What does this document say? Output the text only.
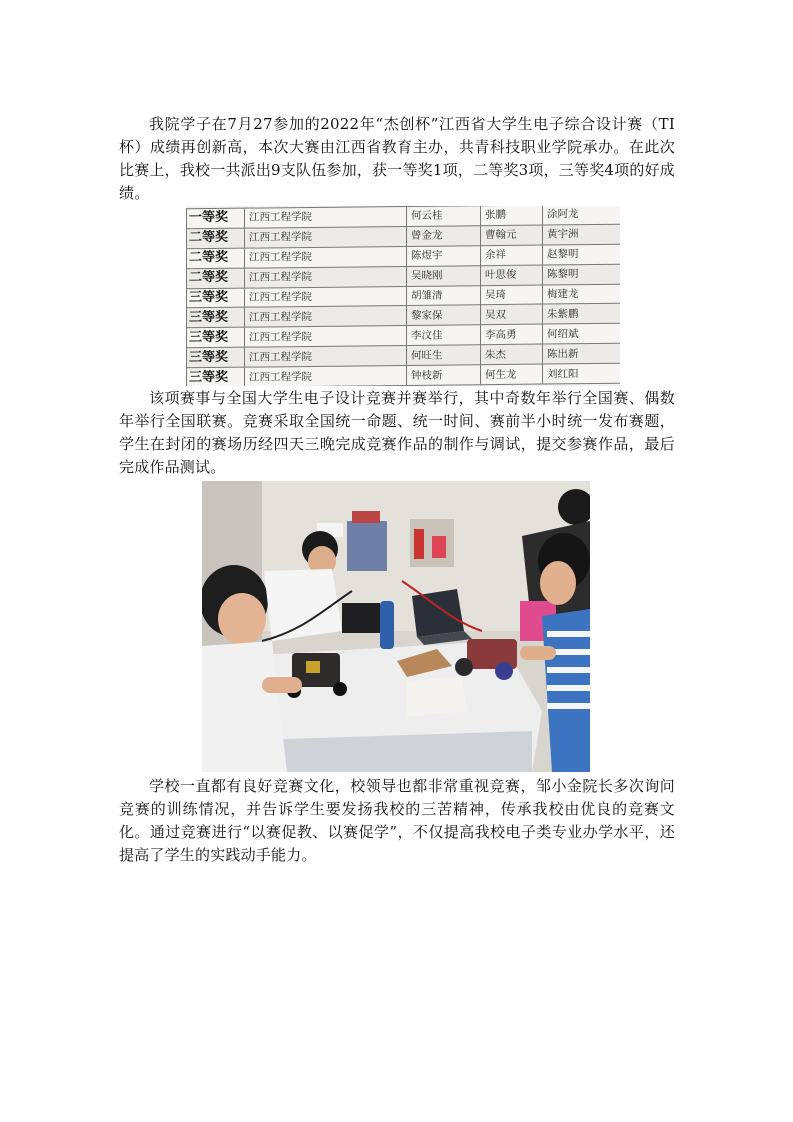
我院学子在7月27参加的2022年“杰创杯”江西省大学生电子综合设计赛（TI杯）成绩再创新高，本次大赛由江西省教育主办，共青科技职业学院承办。在此次比赛上，我校一共派出9支队伍参加，获一等奖1项，二等奖3项，三等奖4项的好成绩。

一等奖	江西工程学院	何云桂	张鹏	涂阿龙
二等奖	江西工程学院	曾金龙	曹翰元	黄宇洲
二等奖	江西工程学院	陈煜宇	余祥	赵黎明
二等奖	江西工程学院	吴晓刚	叶思俊	陈黎明
三等奖	江西工程学院	胡雏清	吴琦	梅建龙
三等奖	江西工程学院	黎家保	吴双	朱紫鹏
三等奖	江西工程学院	李汶佳	李高勇	何绍斌
三等奖	江西工程学院	何旺生	朱杰	陈出新
三等奖	江西工程学院	钟枝新	何生龙	刘红阳

该项赛事与全国大学生电子设计竞赛并赛举行，其中奇数年举行全国赛、偶数年举行全国联赛。竞赛采取全国统一命题、统一时间、赛前半小时统一发布赛题，学生在封闭的赛场历经四天三晚完成竞赛作品的制作与调试，提交参赛作品，最后完成作品测试。

学校一直都有良好竞赛文化，校领导也都非常重视竞赛，邹小金院长多次询问竞赛的训练情况，并告诉学生要发扬我校的三苦精神，传承我校由优良的竞赛文化。通过竞赛进行“以赛促教、以赛促学”，不仅提高我校电子类专业办学水平，还提高了学生的实践动手能力。
